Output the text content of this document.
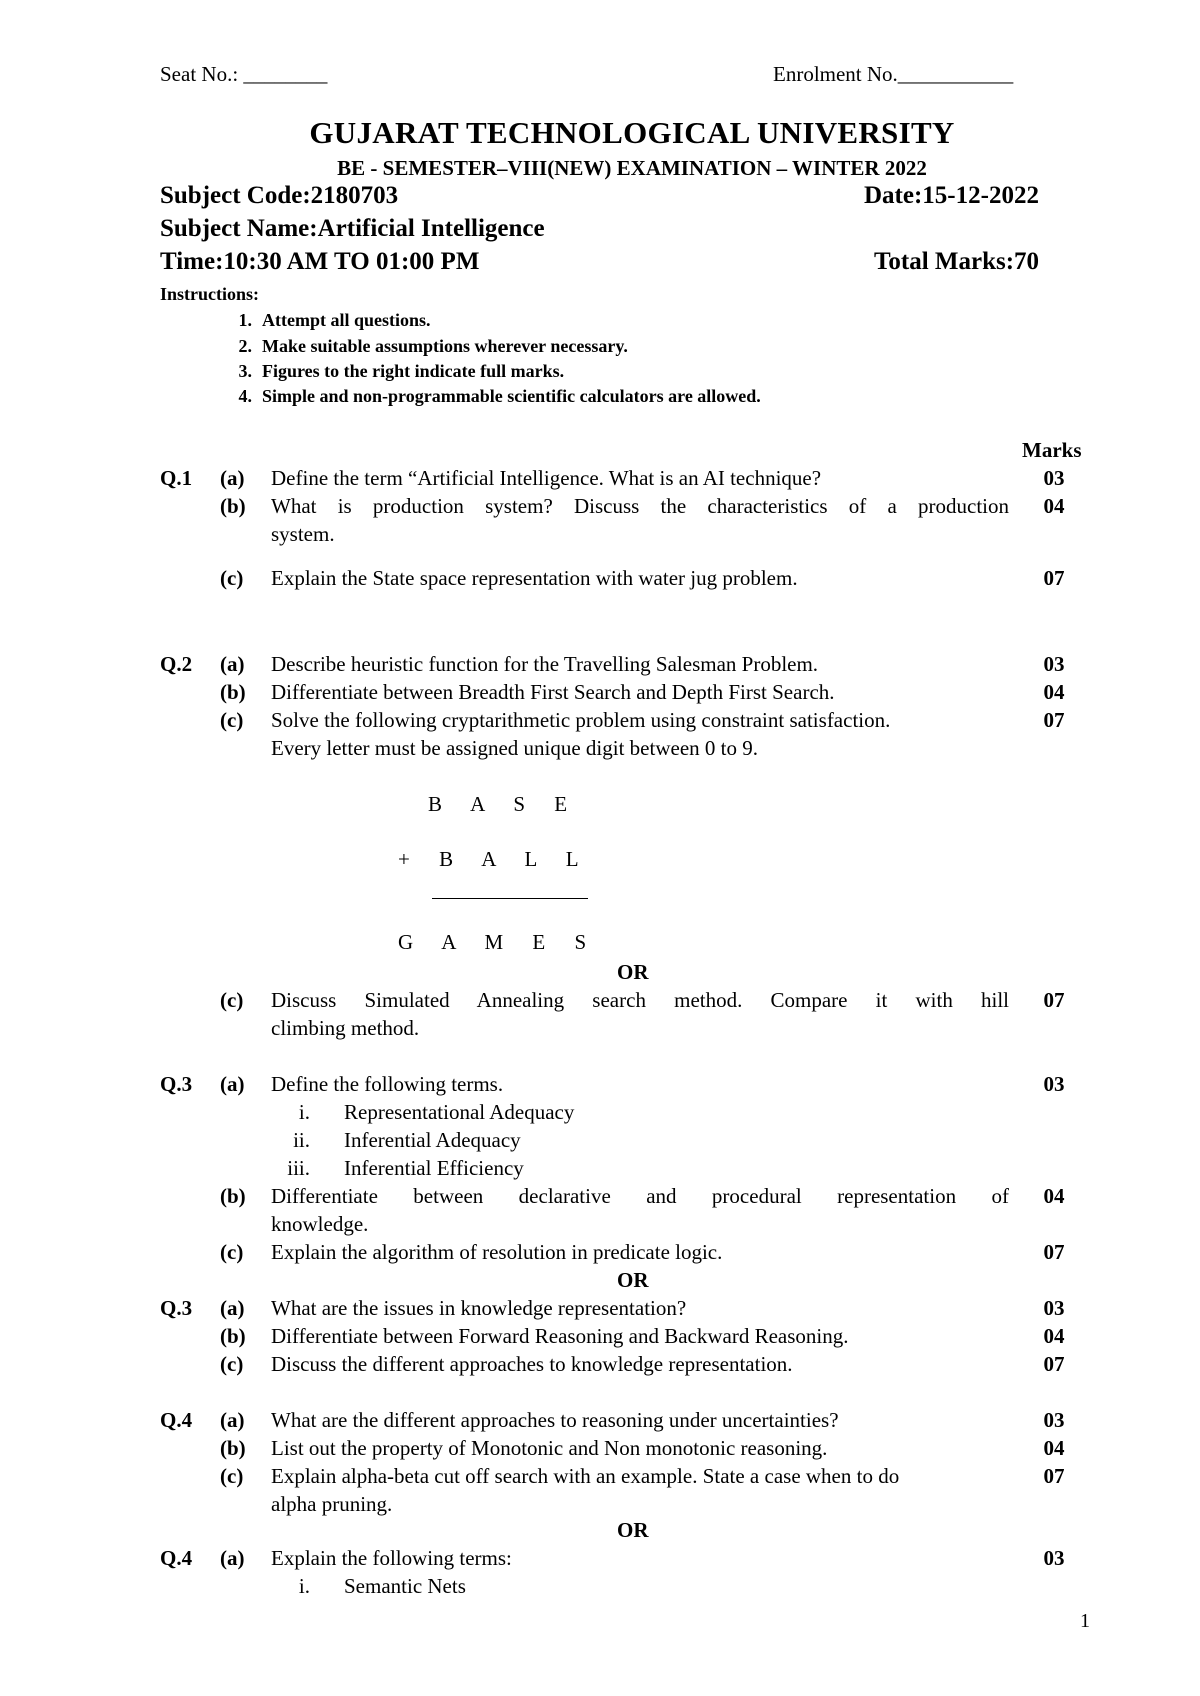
Seat No.: ________	Enrolment No.___________
GUJARAT TECHNOLOGICAL UNIVERSITY
BE - SEMESTER–VIII(NEW) EXAMINATION – WINTER 2022
Subject Code:2180703	Date:15-12-2022
Subject Name:Artificial Intelligence
Time:10:30 AM TO 01:00 PM	Total Marks:70
Instructions:
1. Attempt all questions.
2. Make suitable assumptions wherever necessary.
3. Figures to the right indicate full marks.
4. Simple and non-programmable scientific calculators are allowed.
Marks
Q.1 (a) Define the term “Artificial Intelligence. What is an AI technique?	03
(b) What is production system? Discuss the characteristics of a production
system.
04
(c) Explain the State space representation with water jug problem.	07
Q.2 (a) Describe heuristic function for the Travelling Salesman Problem.	03
(b) Differentiate between Breadth First Search and Depth First Search.	04
(c) Solve the following cryptarithmetic problem using constraint satisfaction.
Every letter must be assigned unique digit between 0 to 9.
07
B A S E
+ B A L L
G A M E S
OR
(c) Discuss Simulated Annealing search method. Compare it with hill
climbing method.
07
Q.3 (a) Define the following terms.	03
i. Representational Adequacy
ii. Inferential Adequacy
iii. Inferential Efficiency
(b) Differentiate between declarative and procedural representation of
knowledge.
04
(c) Explain the algorithm of resolution in predicate logic.	07
OR
Q.3 (a) What are the issues in knowledge representation?	03
(b) Differentiate between Forward Reasoning and Backward Reasoning.	04
(c) Discuss the different approaches to knowledge representation.	07
Q.4 (a) What are the different approaches to reasoning under uncertainties?	03
(b) List out the property of Monotonic and Non monotonic reasoning.	04
(c) Explain alpha-beta cut off search with an example. State a case when to do
alpha pruning.
07
OR
Q.4 (a) Explain the following terms:	03
i. Semantic Nets
1
